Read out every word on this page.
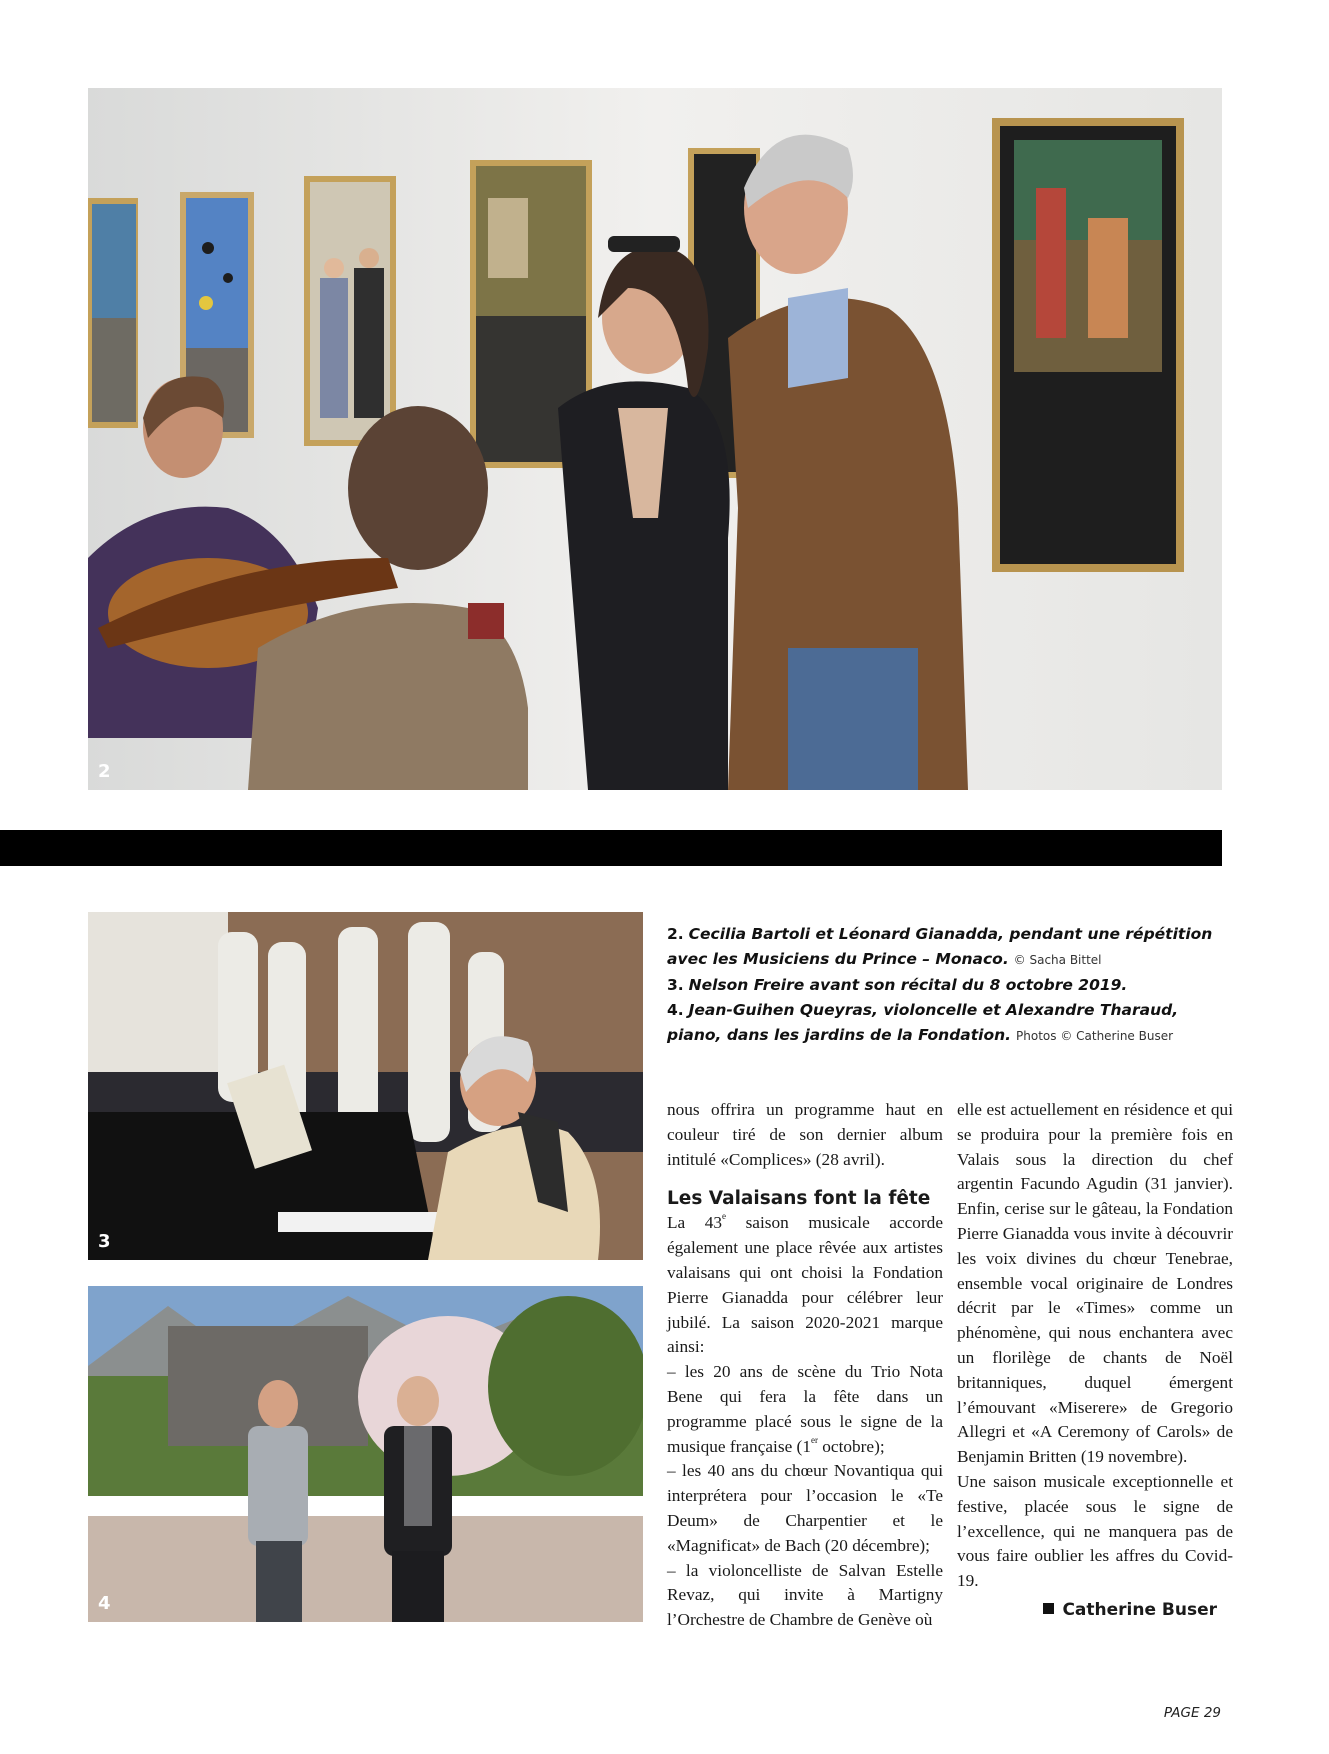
2
3
4

2. Cecilia Bartoli et Léonard Gianadda, pendant une répétition avec les Musiciens du Prince – Monaco. © Sacha Bittel

3. Nelson Freire avant son récital du 8 octobre 2019.

4. Jean-Guihen Queyras, violoncelle et Alexandre Tharaud, piano, dans les jardins de la Fondation. Photos © Catherine Buser

nous offrira un programme haut en couleur tiré de son dernier album intitulé «Complices» (28 avril).

Les Valaisans font la fête

La 43e saison musicale accorde également une place rêvée aux artistes valaisans qui ont choisi la Fondation Pierre Gianadda pour célébrer leur jubilé. La saison 2020-2021 marque ainsi:

– les 20 ans de scène du Trio Nota Bene qui fera la fête dans un programme placé sous le signe de la musique française (1er octobre);

– les 40 ans du chœur Novantiqua qui interprétera pour l’occasion le «Te Deum» de Charpentier et le «Magnificat» de Bach (20 décembre);

– la violoncelliste de Salvan Estelle Revaz, qui invite à Martigny l’Orchestre de Chambre de Genève où

elle est actuellement en résidence et qui se produira pour la première fois en Valais sous la direction du chef argentin Facundo Agudin (31 janvier). Enfin, cerise sur le gâteau, la Fondation Pierre Gianadda vous invite à découvrir les voix divines du chœur Tenebrae, ensemble vocal originaire de Londres décrit par le «Times» comme un phénomène, qui nous enchantera avec un florilège de chants de Noël britanniques, duquel émergent l’émouvant «Miserere» de Gregorio Allegri et «A Ceremony of Carols» de Benjamin Britten (19 novembre).

Une saison musicale exceptionnelle et festive, placée sous le signe de l’excellence, qui ne manquera pas de vous faire oublier les affres du Covid-19.

Catherine Buser
PAGE 29
